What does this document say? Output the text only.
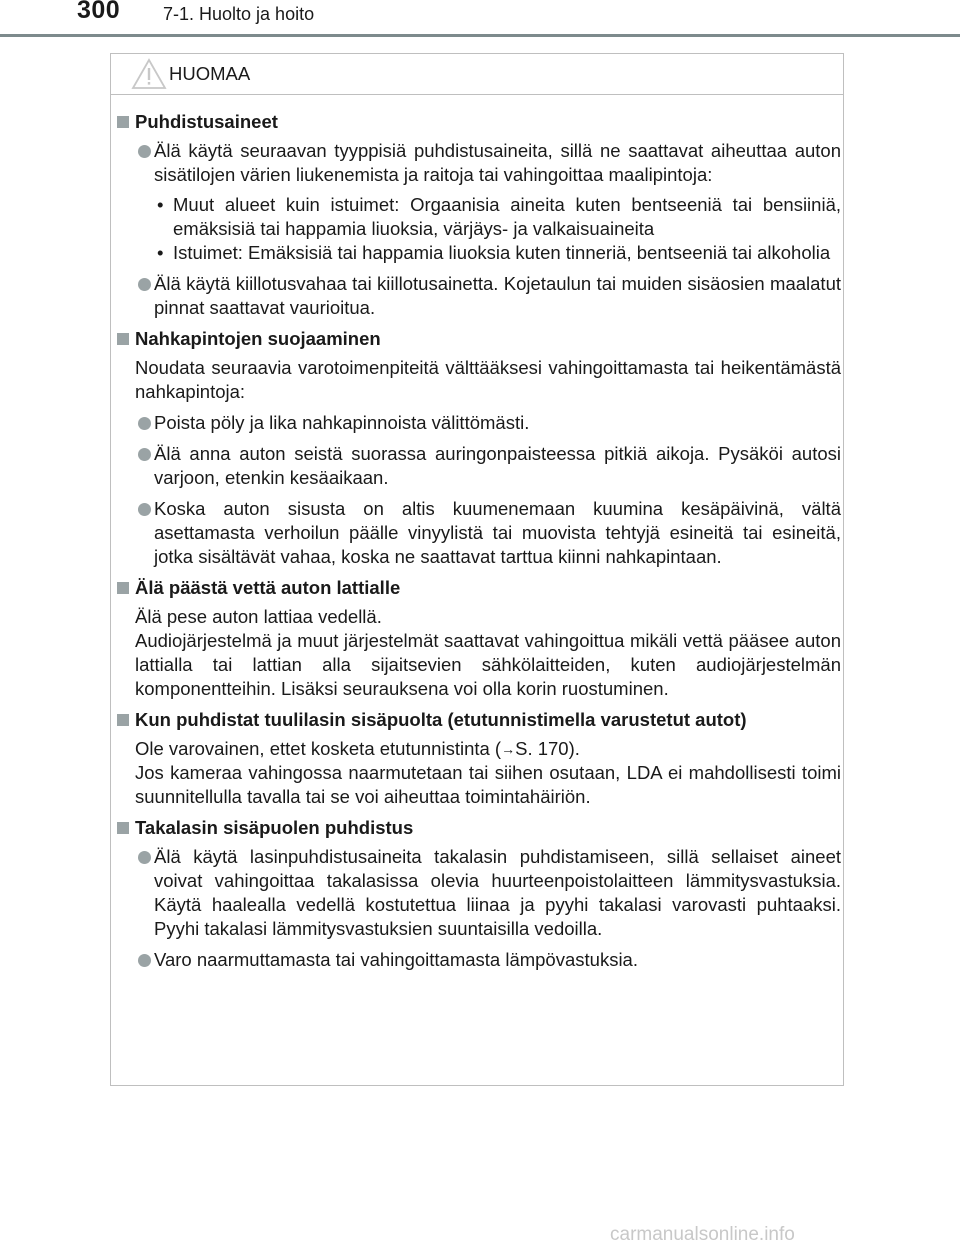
300 7-1. Huolto ja hoito
HUOMAA
Puhdistusaineet
Älä käytä seuraavan tyyppisiä puhdistusaineita, sillä ne saattavat aiheuttaa auton sisätilojen värien liukenemista ja raitoja tai vahingoittaa maalipintoja:
• Muut alueet kuin istuimet: Orgaanisia aineita kuten bentseeniä tai bensiiniä, emäksisiä tai happamia liuoksia, värjäys- ja valkaisuaineita
• Istuimet: Emäksisiä tai happamia liuoksia kuten tinneriä, bentseeniä tai alkoholia
Älä käytä kiillotusvahaa tai kiillotusainetta. Kojetaulun tai muiden sisäosien maalatut pinnat saattavat vaurioitua.
Nahkapintojen suojaaminen
Noudata seuraavia varotoimenpiteitä välttääksesi vahingoittamasta tai heikentämästä nahkapintoja:
Poista pöly ja lika nahkapinnoista välittömästi.
Älä anna auton seistä suorassa auringonpaisteessa pitkiä aikoja. Pysäköi autosi varjoon, etenkin kesäaikaan.
Koska auton sisusta on altis kuumenemaan kuumina kesäpäivinä, vältä asettamasta verhoilun päälle vinyylistä tai muovista tehtyjä esineitä tai esineitä, jotka sisältävät vahaa, koska ne saattavat tarttua kiinni nahkapintaan.
Älä päästä vettä auton lattialle
Älä pese auton lattiaa vedellä.
Audiojärjestelmä ja muut järjestelmät saattavat vahingoittua mikäli vettä pääsee auton lattialla tai lattian alla sijaitsevien sähkölaitteiden, kuten audiojärjestelmän komponentteihin. Lisäksi seurauksena voi olla korin ruostuminen.
Kun puhdistat tuulilasin sisäpuolta (etutunnistimella varustetut autot)
Ole varovainen, ettet kosketa etutunnistinta (→S. 170).
Jos kameraa vahingossa naarmutetaan tai siihen osutaan, LDA ei mahdollisesti toimi suunnitellulla tavalla tai se voi aiheuttaa toimintahäiriön.
Takalasin sisäpuolen puhdistus
Älä käytä lasinpuhdistusaineita takalasin puhdistamiseen, sillä sellaiset aineet voivat vahingoittaa takalasissa olevia huurteenpoistolaitteen lämmitysvastuksia. Käytä haalealla vedellä kostutettua liinaa ja pyyhi takalasi varovasti puhtaaksi. Pyyhi takalasi lämmitysvastuksien suuntaisilla vedoilla.
Varo naarmuttamasta tai vahingoittamasta lämpövastuksia.
carmanualsonline.info
